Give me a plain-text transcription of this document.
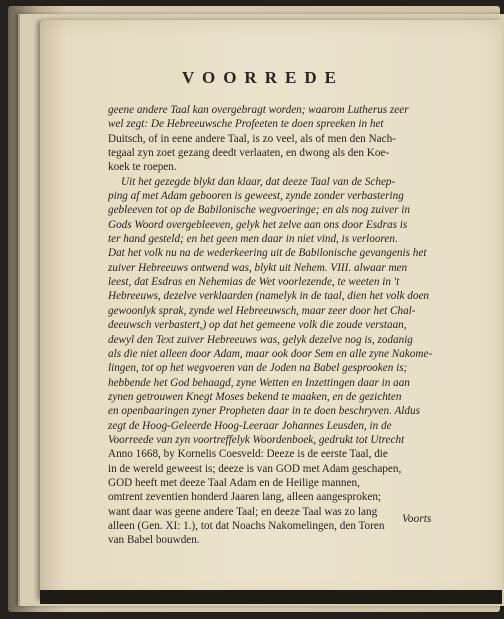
VOORREDE
geene andere Taal kan overgebragt worden; waarom Lutherus zeer
wel zegt: De Hebreeuwsche Profeeten te doen spreeken in het
Duitsch, of in eene andere Taal, is zo veel, als of men den Nach-
tegaal zyn zoet gezang deedt verlaaten, en dwong als den Koe-
koek te roepen.
Uit het gezegde blykt dan klaar, dat deeze Taal van de Schep-
ping af met Adam gebooren is geweest, zynde zonder verbastering
gebleeven tot op de Babilonische wegvoeringe; en als nog zuiver in
Gods Woord overgebleeven, gelyk het zelve aan ons door Esdras is
ter hand gesteld; en het geen men daar in niet vind, is verlooren.
Dat het volk nu na de wederkeering uit de Babilonische gevangenis het
zuiver Hebreeuws ontwend was, blykt uit Nehem. VIII. alwaar men
leest, dat Esdras en Nehemias de Wet voorlezende, te weeten in 't
Hebreeuws, dezelve verklaarden (namelyk in de taal, dien het volk doen
gewoonlyk sprak, zynde wel Hebreeuwsch, maar zeer door het Chal-
deeuwsch verbastert,) op dat het gemeene volk die zoude verstaan,
dewyl den Text zuiver Hebreeuws was, gelyk dezelve nog is, zodanig
als die niet alleen door Adam, maar ook door Sem en alle zyne Nakome-
lingen, tot op het wegvoeren van de Joden na Babel gesprooken is;
hebbende het God behaagd, zyne Wetten en Inzettingen daar in aan
zynen getrouwen Knegt Moses bekend te maaken, en de gezichten
en openbaaringen zyner Propheten daar in te doen beschryven. Aldus
zegt de Hoog-Geleerde Hoog-Leeraar Johannes Leusden, in de
Voorreede van zyn voortreffelyk Woordenboek, gedrukt tot Utrecht
Anno 1668, by Kornelis Coesveld: Deeze is de eerste Taal, die
in de wereld geweest is; deeze is van GOD met Adam geschapen,
GOD heeft met deeze Taal Adam en de Heilige mannen,
omtrent zeventien honderd Jaaren lang, alleen aangesproken;
want daar was geene andere Taal; en deeze Taal was zo lang
alleen (Gen. XI: 1.), tot dat Noachs Nakomelingen, den Toren
van Babel bouwden.
Voorts
